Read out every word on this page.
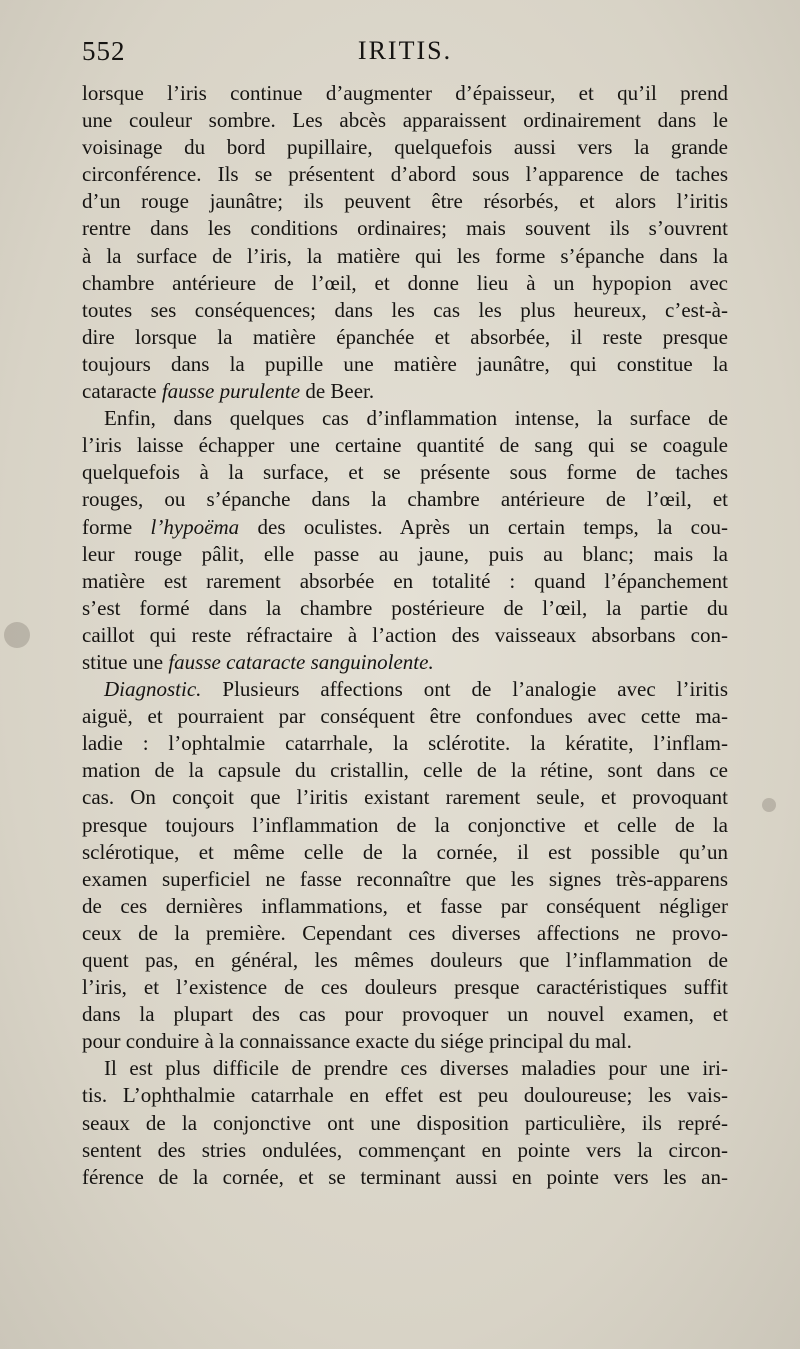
552	IRITIS.
lorsque l’iris continue d’augmenter d’épaisseur, et qu’il prend
une couleur sombre. Les abcès apparaissent ordinairement dans le
voisinage du bord pupillaire, quelquefois aussi vers la grande
circonférence. Ils se présentent d’abord sous l’apparence de taches
d’un rouge jaunâtre; ils peuvent être résorbés, et alors l’iritis
rentre dans les conditions ordinaires; mais souvent ils s’ouvrent
à la surface de l’iris, la matière qui les forme s’épanche dans la
chambre antérieure de l’œil, et donne lieu à un hypopion avec
toutes ses conséquences; dans les cas les plus heureux, c’est-à-
dire lorsque la matière épanchée et absorbée, il reste presque
toujours dans la pupille une matière jaunâtre, qui constitue la
cataracte fausse purulente de Beer.
Enfin, dans quelques cas d’inflammation intense, la surface de
l’iris laisse échapper une certaine quantité de sang qui se coagule
quelquefois à la surface, et se présente sous forme de taches
rouges, ou s’épanche dans la chambre antérieure de l’œil, et
forme l’hypoëma des oculistes. Après un certain temps, la cou-
leur rouge pâlit, elle passe au jaune, puis au blanc; mais la
matière est rarement absorbée en totalité : quand l’épanchement
s’est formé dans la chambre postérieure de l’œil, la partie du
caillot qui reste réfractaire à l’action des vaisseaux absorbans con-
stitue une fausse cataracte sanguinolente.
Diagnostic. Plusieurs affections ont de l’analogie avec l’iritis
aiguë, et pourraient par conséquent être confondues avec cette ma-
ladie : l’ophtalmie catarrhale, la sclérotite. la kératite, l’inflam-
mation de la capsule du cristallin, celle de la rétine, sont dans ce
cas. On conçoit que l’iritis existant rarement seule, et provoquant
presque toujours l’inflammation de la conjonctive et celle de la
sclérotique, et même celle de la cornée, il est possible qu’un
examen superficiel ne fasse reconnaître que les signes très-apparens
de ces dernières inflammations, et fasse par conséquent négliger
ceux de la première. Cependant ces diverses affections ne provo-
quent pas, en général, les mêmes douleurs que l’inflammation de
l’iris, et l’existence de ces douleurs presque caractéristiques suffit
dans la plupart des cas pour provoquer un nouvel examen, et
pour conduire à la connaissance exacte du siége principal du mal.
Il est plus difficile de prendre ces diverses maladies pour une iri-
tis. L’ophthalmie catarrhale en effet est peu douloureuse; les vais-
seaux de la conjonctive ont une disposition particulière, ils repré-
sentent des stries ondulées, commençant en pointe vers la circon-
férence de la cornée, et se terminant aussi en pointe vers les an-
